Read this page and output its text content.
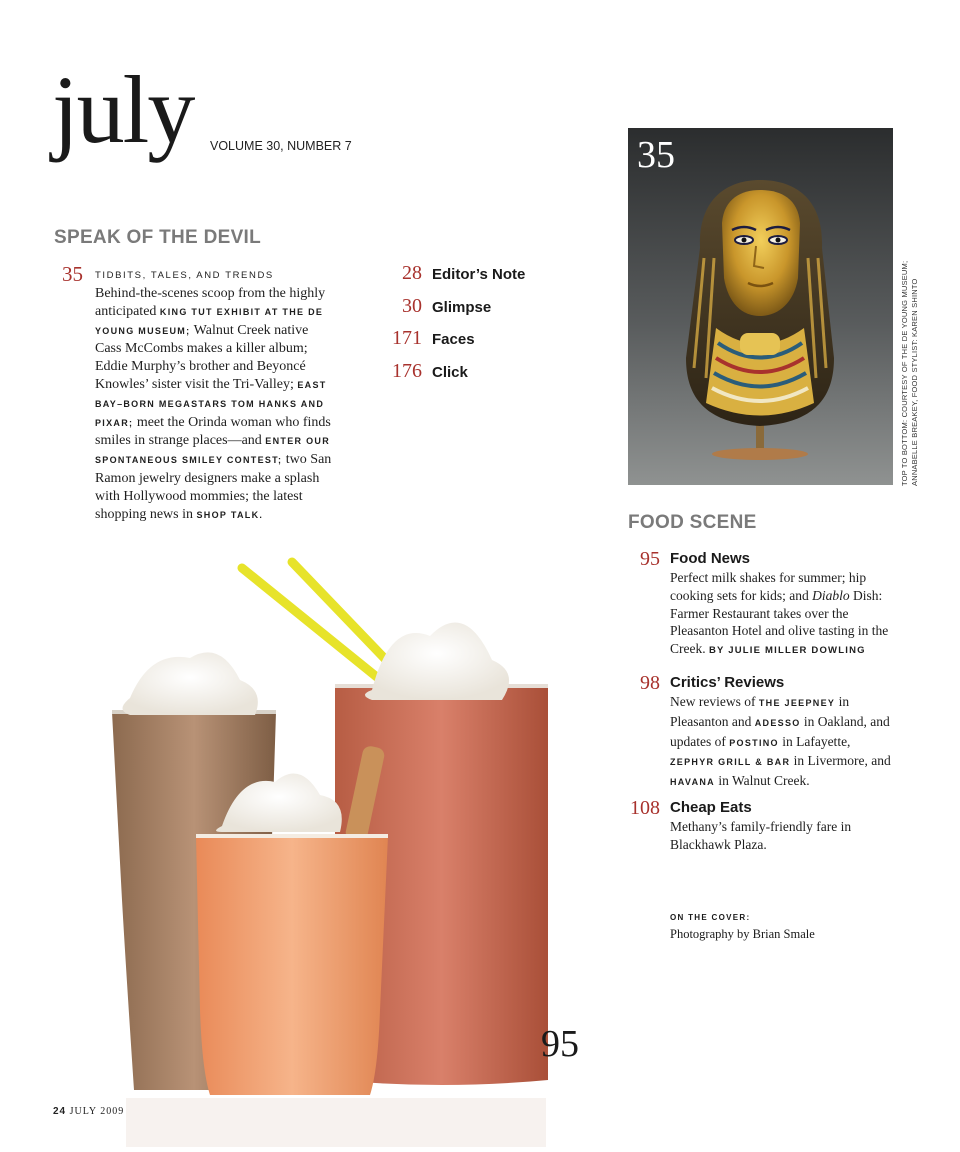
july VOLUME 30, NUMBER 7
SPEAK OF THE DEVIL
35 TIDBITS, TALES, AND TRENDS
Behind-the-scenes scoop from the highly anticipated KING TUT EXHIBIT AT THE DE YOUNG MUSEUM; Walnut Creek native Cass McCombs makes a killer album; Eddie Murphy’s brother and Beyoncé Knowles’ sister visit the Tri-Valley; EAST BAY–BORN MEGASTARS TOM HANKS AND PIXAR; meet the Orinda woman who finds smiles in strange places—and ENTER OUR SPONTANEOUS SMILEY CONTEST; two San Ramon jewelry designers make a splash with Hollywood mommies; the latest shopping news in SHOP TALK.
28 Editor’s Note
30 Glimpse
171 Faces
176 Click
35
TOP TO BOTTOM: COURTESY OF THE DE YOUNG MUSEUM; ANNABELLE BREAKEY, FOOD STYLIST: KAREN SHINTO
FOOD SCENE
95 Food News
Perfect milk shakes for summer; hip cooking sets for kids; and Diablo Dish: Farmer Restaurant takes over the Pleasanton Hotel and olive tasting in the Creek. BY JULIE MILLER DOWLING
98 Critics’ Reviews
New reviews of THE JEEPNEY in Pleasanton and ADESSO in Oakland, and updates of POSTINO in Lafayette, ZEPHYR GRILL & BAR in Livermore, and HAVANA in Walnut Creek.
108 Cheap Eats
Methany’s family-friendly fare in Blackhawk Plaza.
ON THE COVER:
Photography by Brian Smale
95
24 JULY 2009
